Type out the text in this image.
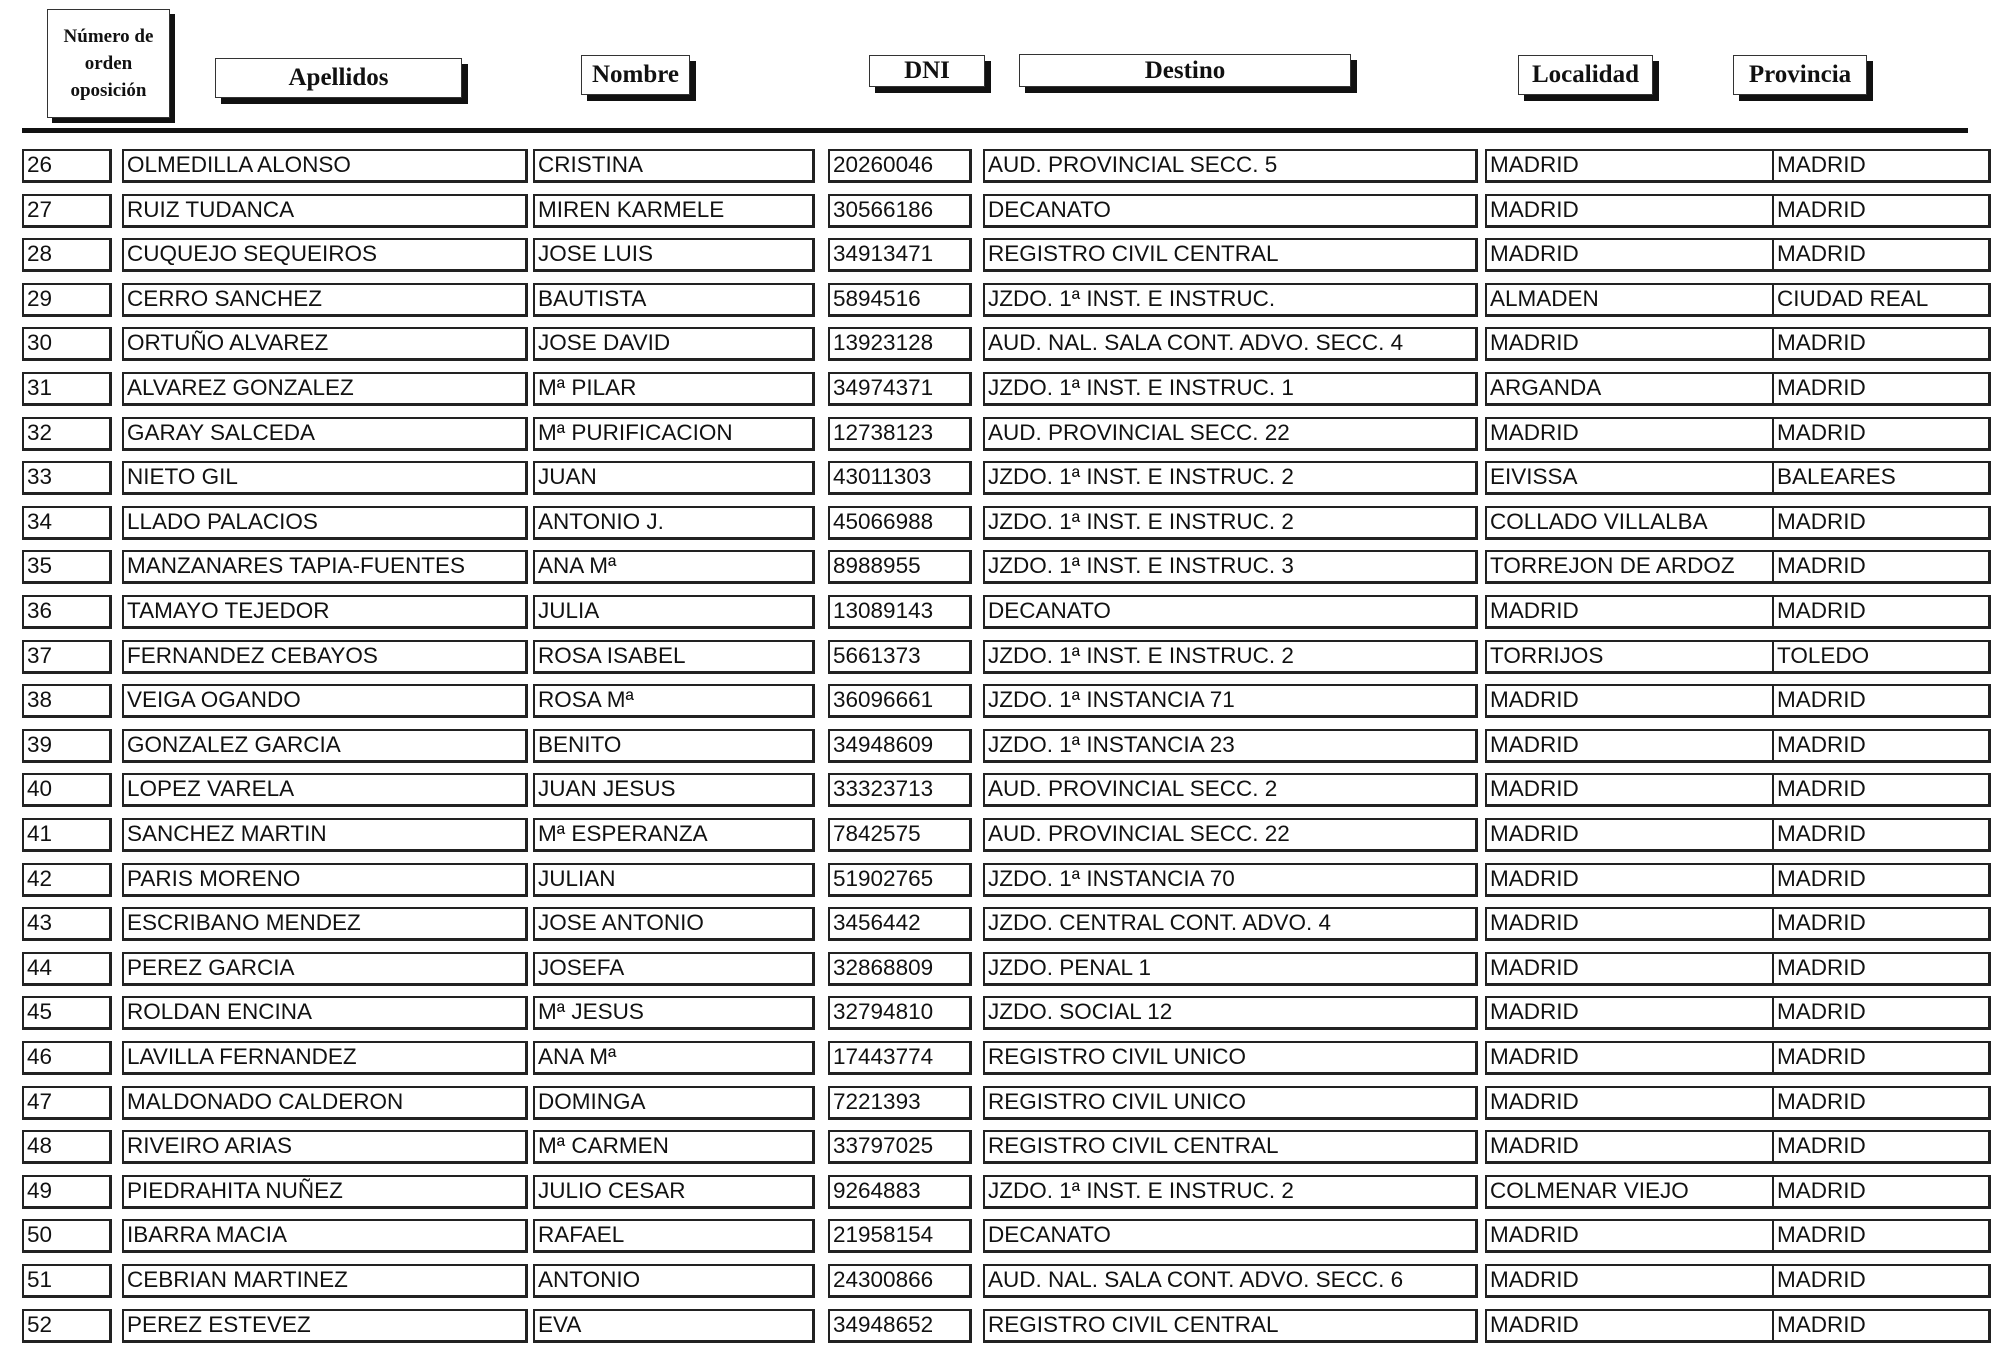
Número de orden oposición	Apellidos	Nombre	DNI	Destino	Localidad	Provincia
26	OLMEDILLA ALONSO	CRISTINA	20260046	AUD. PROVINCIAL SECC. 5	MADRID	MADRID
27	RUIZ TUDANCA	MIREN KARMELE	30566186	DECANATO	MADRID	MADRID
28	CUQUEJO SEQUEIROS	JOSE LUIS	34913471	REGISTRO CIVIL CENTRAL	MADRID	MADRID
29	CERRO SANCHEZ	BAUTISTA	5894516	JZDO. 1ª INST. E INSTRUC.	ALMADEN	CIUDAD REAL
30	ORTUÑO ALVAREZ	JOSE DAVID	13923128	AUD. NAL. SALA CONT. ADVO. SECC. 4	MADRID	MADRID
31	ALVAREZ GONZALEZ	Mª PILAR	34974371	JZDO. 1ª INST. E INSTRUC. 1	ARGANDA	MADRID
32	GARAY SALCEDA	Mª PURIFICACION	12738123	AUD. PROVINCIAL SECC. 22	MADRID	MADRID
33	NIETO GIL	JUAN	43011303	JZDO. 1ª INST. E INSTRUC. 2	EIVISSA	BALEARES
34	LLADO PALACIOS	ANTONIO J.	45066988	JZDO. 1ª INST. E INSTRUC. 2	COLLADO VILLALBA	MADRID
35	MANZANARES TAPIA-FUENTES	ANA Mª	8988955	JZDO. 1ª INST. E INSTRUC. 3	TORREJON DE ARDOZ	MADRID
36	TAMAYO TEJEDOR	JULIA	13089143	DECANATO	MADRID	MADRID
37	FERNANDEZ CEBAYOS	ROSA ISABEL	5661373	JZDO. 1ª INST. E INSTRUC. 2	TORRIJOS	TOLEDO
38	VEIGA OGANDO	ROSA Mª	36096661	JZDO. 1ª INSTANCIA 71	MADRID	MADRID
39	GONZALEZ GARCIA	BENITO	34948609	JZDO. 1ª INSTANCIA 23	MADRID	MADRID
40	LOPEZ VARELA	JUAN JESUS	33323713	AUD. PROVINCIAL SECC. 2	MADRID	MADRID
41	SANCHEZ MARTIN	Mª ESPERANZA	7842575	AUD. PROVINCIAL SECC. 22	MADRID	MADRID
42	PARIS MORENO	JULIAN	51902765	JZDO. 1ª INSTANCIA 70	MADRID	MADRID
43	ESCRIBANO MENDEZ	JOSE ANTONIO	3456442	JZDO. CENTRAL CONT. ADVO. 4	MADRID	MADRID
44	PEREZ GARCIA	JOSEFA	32868809	JZDO. PENAL 1	MADRID	MADRID
45	ROLDAN ENCINA	Mª JESUS	32794810	JZDO. SOCIAL 12	MADRID	MADRID
46	LAVILLA FERNANDEZ	ANA Mª	17443774	REGISTRO CIVIL UNICO	MADRID	MADRID
47	MALDONADO CALDERON	DOMINGA	7221393	REGISTRO CIVIL UNICO	MADRID	MADRID
48	RIVEIRO ARIAS	Mª CARMEN	33797025	REGISTRO CIVIL CENTRAL	MADRID	MADRID
49	PIEDRAHITA NUÑEZ	JULIO CESAR	9264883	JZDO. 1ª INST. E INSTRUC. 2	COLMENAR VIEJO	MADRID
50	IBARRA MACIA	RAFAEL	21958154	DECANATO	MADRID	MADRID
51	CEBRIAN MARTINEZ	ANTONIO	24300866	AUD. NAL. SALA CONT. ADVO. SECC. 6	MADRID	MADRID
52	PEREZ ESTEVEZ	EVA	34948652	REGISTRO CIVIL CENTRAL	MADRID	MADRID
